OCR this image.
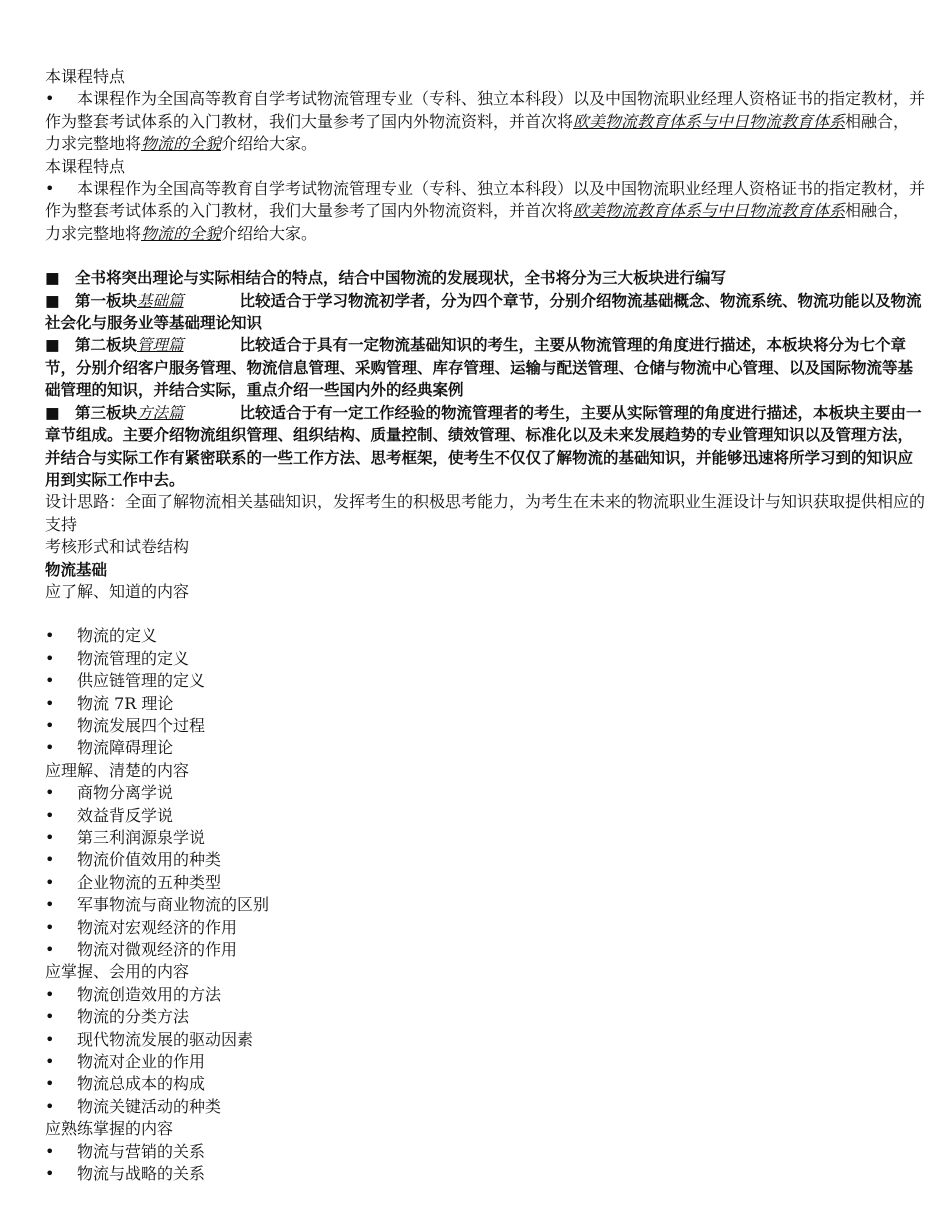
本课程特点
• 本课程作为全国高等教育自学考试物流管理专业（专科、独立本科段）以及中国物流职业经理人资格证书的指定教材，并作为整套考试体系的入门教材，我们大量参考了国内外物流资料，并首次将欧美物流教育体系与中日物流教育体系相融合，力求完整地将物流的全貌介绍给大家。
本课程特点
• 本课程作为全国高等教育自学考试物流管理专业（专科、独立本科段）以及中国物流职业经理人资格证书的指定教材，并作为整套考试体系的入门教材，我们大量参考了国内外物流资料，并首次将欧美物流教育体系与中日物流教育体系相融合，力求完整地将物流的全貌介绍给大家。
■ 全书将突出理论与实际相结合的特点，结合中国物流的发展现状，全书将分为三大板块进行编写
■ 第一板块基础篇	比较适合于学习物流初学者，分为四个章节，分别介绍物流基础概念、物流系统、物流功能以及物流社会化与服务业等基础理论知识
■ 第二板块管理篇	比较适合于具有一定物流基础知识的考生，主要从物流管理的角度进行描述，本板块将分为七个章节，分别介绍客户服务管理、物流信息管理、采购管理、库存管理、运输与配送管理、仓储与物流中心管理、以及国际物流等基础管理的知识，并结合实际，重点介绍一些国内外的经典案例
■ 第三板块方法篇	比较适合于有一定工作经验的物流管理者的考生，主要从实际管理的角度进行描述，本板块主要由一章节组成。主要介绍物流组织管理、组织结构、质量控制、绩效管理、标准化以及未来发展趋势的专业管理知识以及管理方法，并结合与实际工作有紧密联系的一些工作方法、思考框架，使考生不仅仅了解物流的基础知识，并能够迅速将所学习到的知识应用到实际工作中去。
设计思路：全面了解物流相关基础知识，发挥考生的积极思考能力，为考生在未来的物流职业生涯设计与知识获取提供相应的支持
考核形式和试卷结构
物流基础
应了解、知道的内容
• 物流的定义
• 物流管理的定义
• 供应链管理的定义
• 物流 7R 理论
• 物流发展四个过程
• 物流障碍理论
应理解、清楚的内容
• 商物分离学说
• 效益背反学说
• 第三利润源泉学说
• 物流价值效用的种类
• 企业物流的五种类型
• 军事物流与商业物流的区别
• 物流对宏观经济的作用
• 物流对微观经济的作用
应掌握、会用的内容
• 物流创造效用的方法
• 物流的分类方法
• 现代物流发展的驱动因素
• 物流对企业的作用
• 物流总成本的构成
• 物流关键活动的种类
应熟练掌握的内容
• 物流与营销的关系
• 物流与战略的关系
